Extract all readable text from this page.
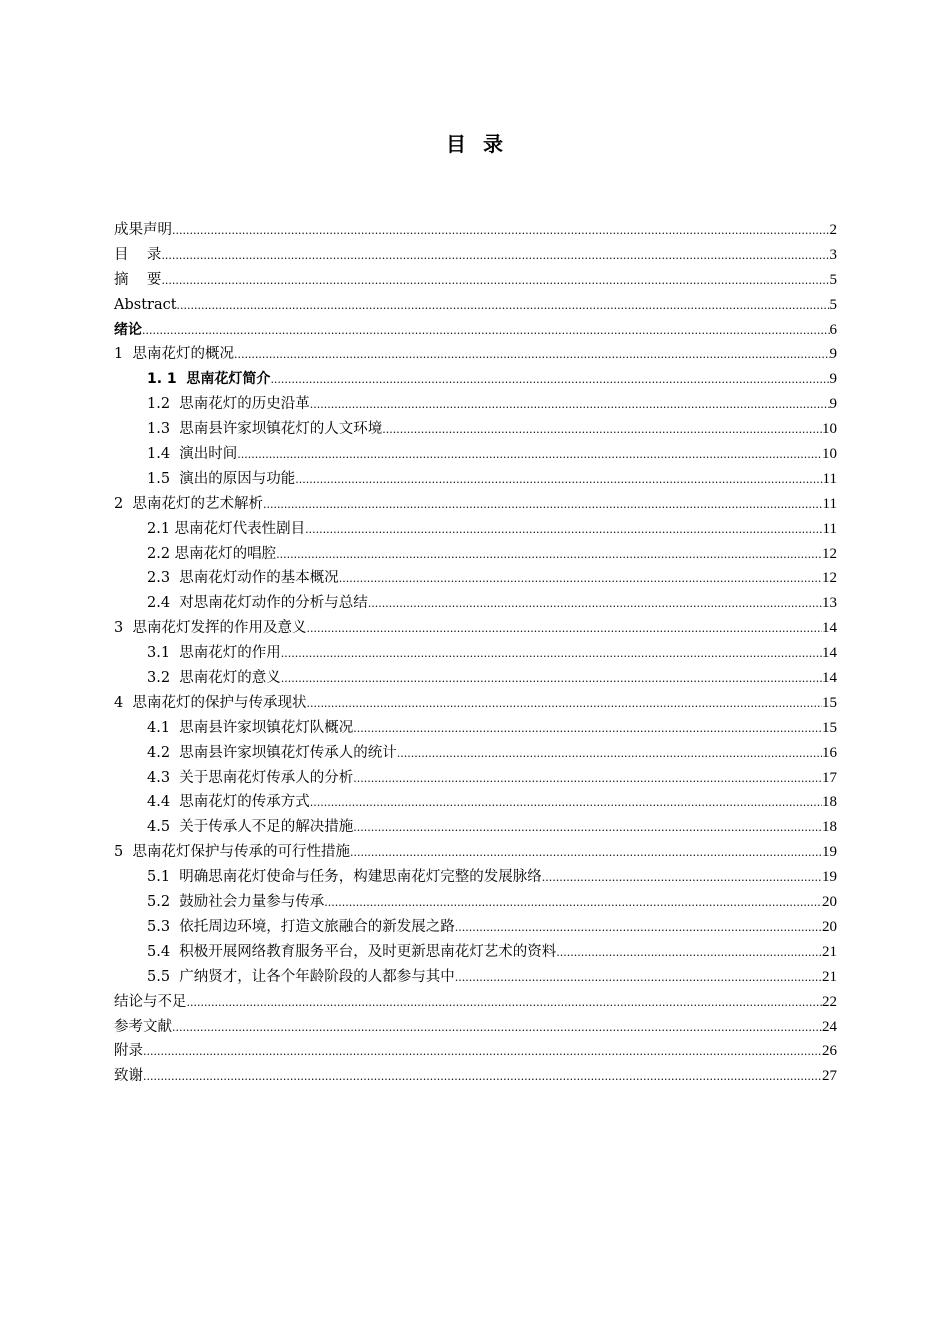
目  录
成果声明 .....	2
目    录 .....	3
摘    要 .....	5
Abstract .....	5
绪论 .....	6
1  思南花灯的概况 .....	9
1. 1  思南花灯简介 .....	9
1.2  思南花灯的历史沿革 .....	9
1.3  思南县许家坝镇花灯的人文环境 .....	10
1.4  演出时间 .....	10
1.5  演出的原因与功能 .....	11
2  思南花灯的艺术解析 .....	11
2.1 思南花灯代表性剧目 .....	11
2.2 思南花灯的唱腔 .....	12
2.3  思南花灯动作的基本概况 .....	12
2.4  对思南花灯动作的分析与总结 .....	13
3  思南花灯发挥的作用及意义 .....	14
3.1  思南花灯的作用 .....	14
3.2  思南花灯的意义 .....	14
4  思南花灯的保护与传承现状 .....	15
4.1  思南县许家坝镇花灯队概况 .....	15
4.2  思南县许家坝镇花灯传承人的统计 .....	16
4.3  关于思南花灯传承人的分析 .....	17
4.4  思南花灯的传承方式 .....	18
4.5  关于传承人不足的解决措施 .....	18
5  思南花灯保护与传承的可行性措施 .....	19
5.1  明确思南花灯使命与任务，构建思南花灯完整的发展脉络 .....	19
5.2  鼓励社会力量参与传承 .....	20
5.3  依托周边环境，打造文旅融合的新发展之路 .....	20
5.4  积极开展网络教育服务平台，及时更新思南花灯艺术的资料 .....	21
5.5  广纳贤才，让各个年龄阶段的人都参与其中 .....	21
结论与不足 .....	22
参考文献 .....	24
附录 .....	26
致谢 .....	27
